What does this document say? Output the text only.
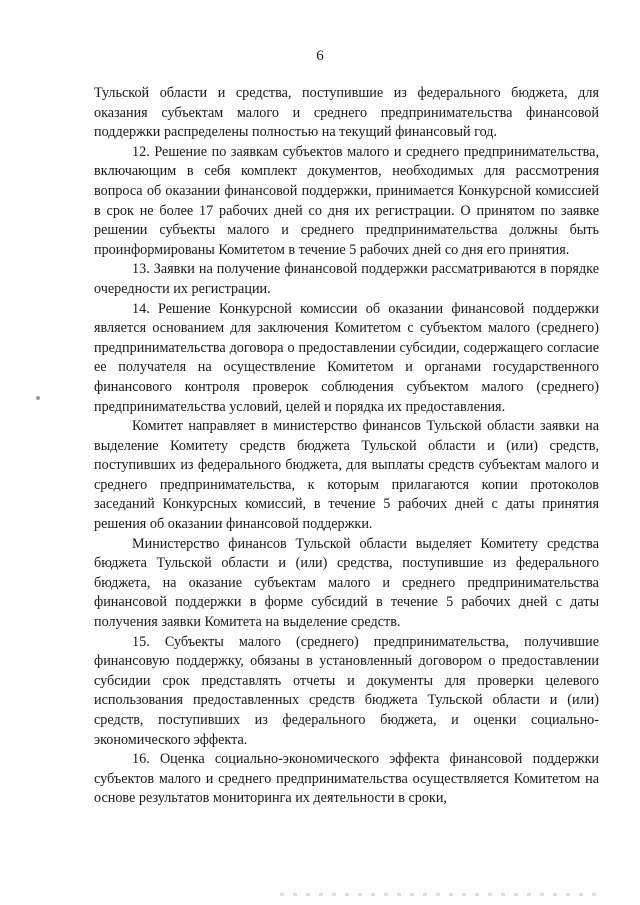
6

Тульской области и средства, поступившие из федерального бюджета, для оказания субъектам малого и среднего предпринимательства финансовой поддержки распределены полностью на текущий финансовый год.

12. Решение по заявкам субъектов малого и среднего предпринимательства, включающим в себя комплект документов, необходимых для рассмотрения вопроса об оказании финансовой поддержки, принимается Конкурсной комиссией в срок не более 17 рабочих дней со дня их регистрации. О принятом по заявке решении субъекты малого и среднего предпринимательства должны быть проинформированы Комитетом в течение 5 рабочих дней со дня его принятия.

13. Заявки на получение финансовой поддержки рассматриваются в порядке очередности их регистрации.

14. Решение Конкурсной комиссии об оказании финансовой поддержки является основанием для заключения Комитетом с субъектом малого (среднего) предпринимательства договора о предоставлении субсидии, содержащего согласие ее получателя на осуществление Комитетом и органами государственного финансового контроля проверок соблюдения субъектом малого (среднего) предпринимательства условий, целей и порядка их предоставления.

Комитет направляет в министерство финансов Тульской области заявки на выделение Комитету средств бюджета Тульской области и (или) средств, поступивших из федерального бюджета, для выплаты средств субъектам малого и среднего предпринимательства, к которым прилагаются копии протоколов заседаний Конкурсных комиссий, в течение 5 рабочих дней с даты принятия решения об оказании финансовой поддержки.

Министерство финансов Тульской области выделяет Комитету средства бюджета Тульской области и (или) средства, поступившие из федерального бюджета, на оказание субъектам малого и среднего предпринимательства финансовой поддержки в форме субсидий в течение 5 рабочих дней с даты получения заявки Комитета на выделение средств.

15. Субъекты малого (среднего) предпринимательства, получившие финансовую поддержку, обязаны в установленный договором о предоставлении субсидии срок представлять отчеты и документы для проверки целевого использования предоставленных средств бюджета Тульской области и (или) средств, поступивших из федерального бюджета, и оценки социально-экономического эффекта.

16. Оценка социально-экономического эффекта финансовой поддержки субъектов малого и среднего предпринимательства осуществляется Комитетом на основе результатов мониторинга их деятельности в сроки,
